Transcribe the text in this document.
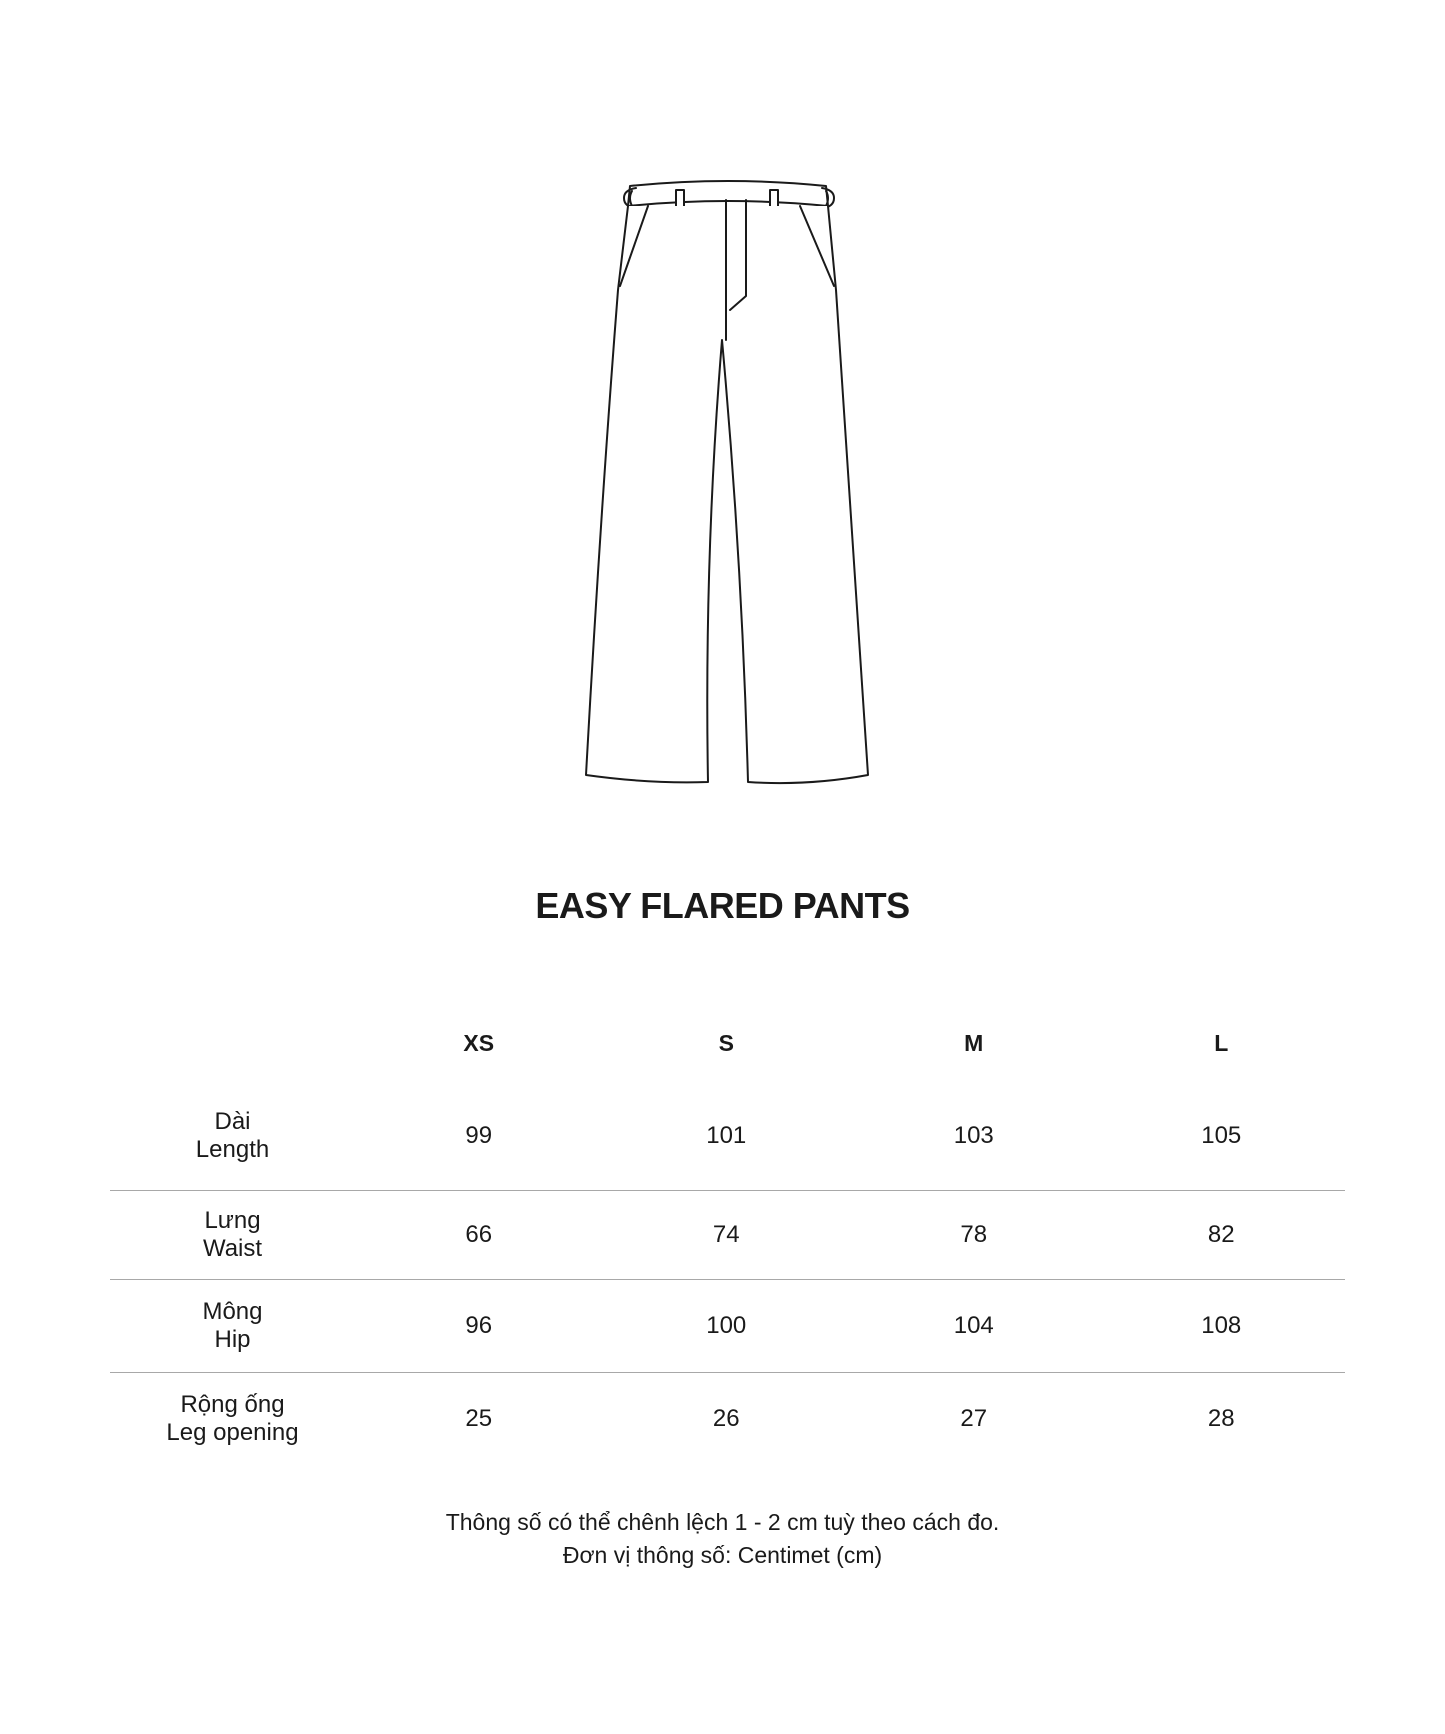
EASY FLARED PANTS
	XS	S	M	L

Dài
Length	99	101	103	105

Lưng
Waist	66	74	78	82

Mông
Hip	96	100	104	108

Rộng ống
Leg opening	25	26	27	28
Thông số có thể chênh lệch 1 - 2 cm tuỳ theo cách đo.
Đơn vị thông số: Centimet (cm)
